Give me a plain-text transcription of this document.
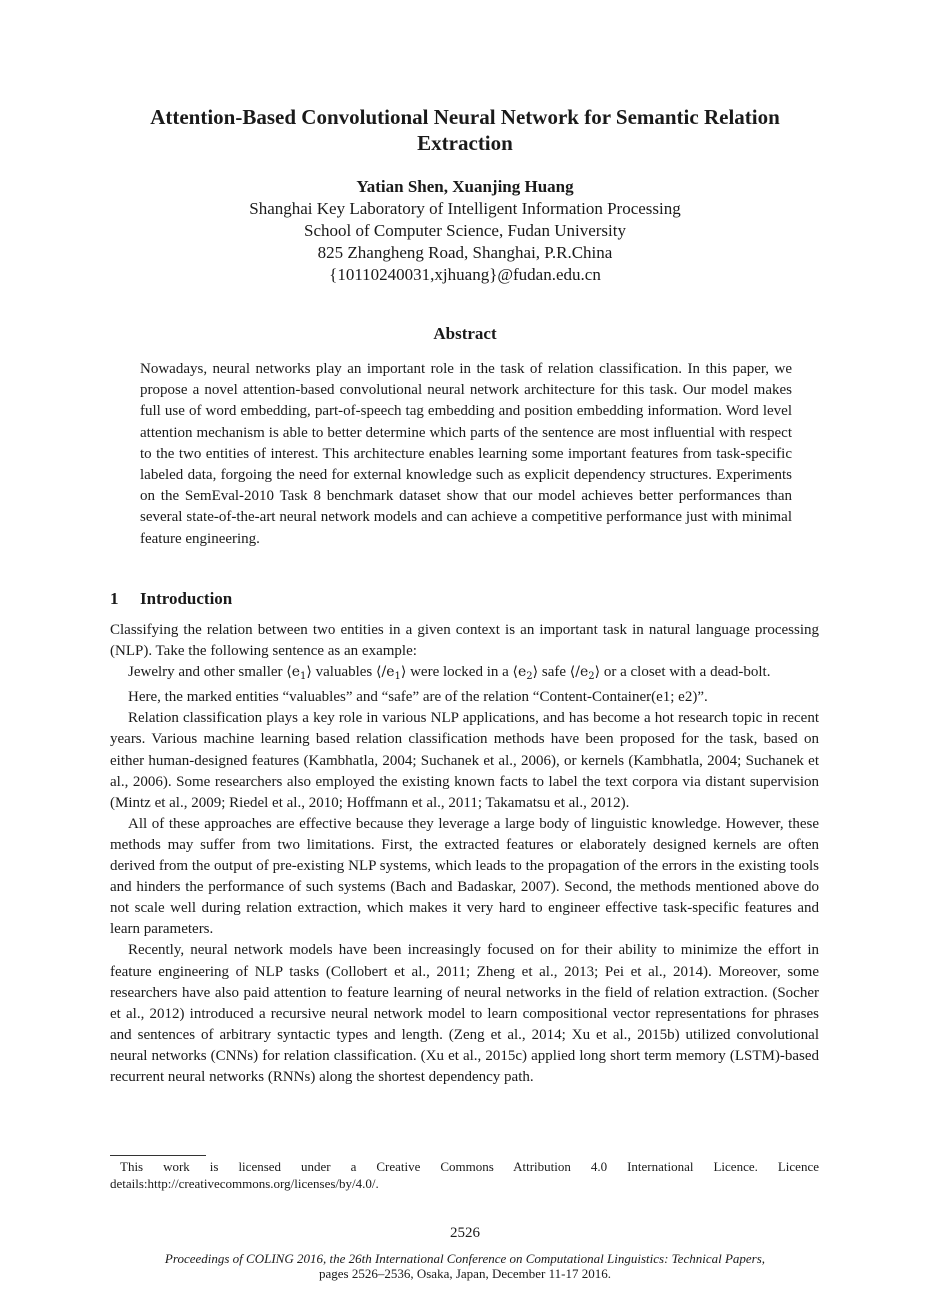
Attention-Based Convolutional Neural Network for Semantic Relation Extraction
Yatian Shen, Xuanjing Huang
Shanghai Key Laboratory of Intelligent Information Processing
School of Computer Science, Fudan University
825 Zhangheng Road, Shanghai, P.R.China
{10110240031,xjhuang}@fudan.edu.cn
Abstract
Nowadays, neural networks play an important role in the task of relation classification. In this paper, we propose a novel attention-based convolutional neural network architecture for this task. Our model makes full use of word embedding, part-of-speech tag embedding and position embedding information. Word level attention mechanism is able to better determine which parts of the sentence are most influential with respect to the two entities of interest. This architecture enables learning some important features from task-specific labeled data, forgoing the need for external knowledge such as explicit dependency structures. Experiments on the SemEval-2010 Task 8 benchmark dataset show that our model achieves better performances than several state-of-the-art neural network models and can achieve a competitive performance just with minimal feature engineering.
1 Introduction

Classifying the relation between two entities in a given context is an important task in natural language processing (NLP). Take the following sentence as an example:

Jewelry and other smaller $⟨e_1⟩$ valuables $⟨/e_1⟩$ were locked in a $⟨e_2⟩$ safe $⟨/e_2⟩$ or a closet with a dead-bolt.

Here, the marked entities “valuables” and “safe” are of the relation “Content-Container(e1; e2)”.

Relation classification plays a key role in various NLP applications, and has become a hot research topic in recent years. Various machine learning based relation classification methods have been proposed for the task, based on either human-designed features (Kambhatla, 2004; Suchanek et al., 2006), or kernels (Kambhatla, 2004; Suchanek et al., 2006). Some researchers also employed the existing known facts to label the text corpora via distant supervision (Mintz et al., 2009; Riedel et al., 2010; Hoffmann et al., 2011; Takamatsu et al., 2012).

All of these approaches are effective because they leverage a large body of linguistic knowledge. However, these methods may suffer from two limitations. First, the extracted features or elaborately designed kernels are often derived from the output of pre-existing NLP systems, which leads to the propagation of the errors in the existing tools and hinders the performance of such systems (Bach and Badaskar, 2007). Second, the methods mentioned above do not scale well during relation extraction, which makes it very hard to engineer effective task-specific features and learn parameters.

Recently, neural network models have been increasingly focused on for their ability to minimize the effort in feature engineering of NLP tasks (Collobert et al., 2011; Zheng et al., 2013; Pei et al., 2014). Moreover, some researchers have also paid attention to feature learning of neural networks in the field of relation extraction. (Socher et al., 2012) introduced a recursive neural network model to learn compositional vector representations for phrases and sentences of arbitrary syntactic types and length. (Zeng et al., 2014; Xu et al., 2015b) utilized convolutional neural networks (CNNs) for relation classification. (Xu et al., 2015c) applied long short term memory (LSTM)-based recurrent neural networks (RNNs) along the shortest dependency path.

This work is licensed under a Creative Commons Attribution 4.0 International Licence. Licence details:http://creativecommons.org/licenses/by/4.0/.
2526
Proceedings of COLING 2016, the 26th International Conference on Computational Linguistics: Technical Papers,
pages 2526–2536, Osaka, Japan, December 11-17 2016.
